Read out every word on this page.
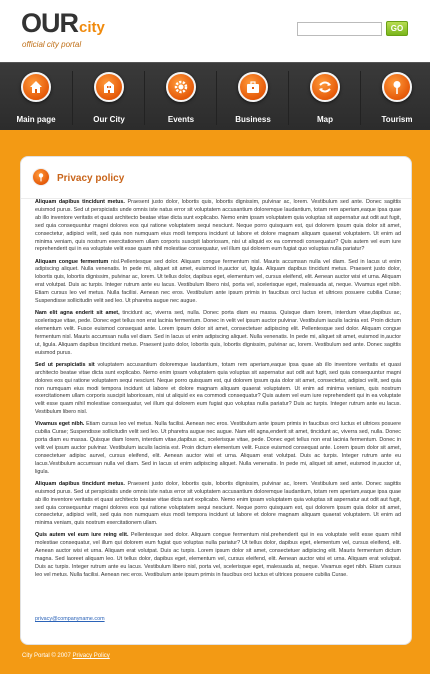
OURcity
official city portal
GO
Main page	Our City	Events	Business	Map	Tourism
Privacy policy

Aliquam dapibus tincidunt metus. Praesent justo dolor, lobortis quis, lobortis dignissim, pulvinar ac, lorem. Vestibulum sed ante. Donec sagittis euismod purus. Sed ut perspiciatis unde omnis iste natus error sit voluptatem accusantium doloremque laudantium, totam rem aperiam,eaque ipsa quae ab illo inventore veritatis et quasi architecto beatae vitae dicta sunt explicabo. Nemo enim ipsam voluptatem quia voluptas sit aspernatur aut odit aut fugit, sed quia consequuntur magni dolores eos qui ratione voluptatem sequi nesciunt. Neque porro quisquam est, qui dolorem ipsum quia dolor sit amet, consectetur, adipisci velit, sed quia non numquam eius modi tempora incidunt ut labore et dolore magnam aliquam quaerat voluptatem. Ut enim ad minima veniam, quis nostrum exercitationem ullam corporis suscipit laboriosam, nisi ut aliquid ex ea commodi consequatur? Quis autem vel eum iure reprehenderit qui in ea voluptate velit esse quam nihil molestiae consequatur, vel illum qui dolorem eum fugiat quo voluptas nulla pariatur?

Aliquam congue fermentum nisl.Pellentesque sed dolor. Aliquam congue fermentum nisl. Mauris accumsan nulla vel diam. Sed in lacus ut enim adipiscing aliquet. Nulla venenatis. In pede mi, aliquet sit amet, euismod in,auctor ut, ligula. Aliquam dapibus tincidunt metus. Praesent justo dolor, lobortis quis, lobortis dignissim, pulvinar ac, lorem. Ut tellus dolor, dapibus eget, elementum vel, cursus eleifend, elit. Aenean auctor wisi et urna. Aliquam erat volutpat. Duis ac turpis. Integer rutrum ante eu lacus. Vestibulum libero nisl, porta vel, scelerisque eget, malesuada at, neque. Vivamus eget nibh. Etiam cursus leo vel metus. Nulla facilisi. Aenean nec eros. Vestibulum ante ipsum primis in faucibus orci luctus et ultrices posuere cubilia Curae; Suspendisse sollicitudin velit sed leo. Ut pharetra augue nec augue.

Nam elit agna enderit sit amet, tincidunt ac, viverra sed, nulla. Donec porta diam eu massa. Quisque diam lorem, interdum vitae,dapibus ac, scelerisque vitae, pede. Donec eget tellus non erat lacinia fermentum. Donec in velit vel ipsum auctor pulvinar. Vestibulum iaculis lacinia est. Proin dictum elementum velit. Fusce euismod consequat ante. Lorem ipsum dolor sit amet, consectetuer adipiscing elit. Pellentesque sed dolor. Aliquam congue fermentum nisl. Mauris accumsan nulla vel diam. Sed in lacus ut enim adipiscing aliquet. Nulla venenatis. In pede mi, aliquet sit amet, euismod in,auctor ut, ligula. Aliquam dapibus tincidunt metus. Praesent justo dolor, lobortis quis, lobortis dignissim, pulvinar ac, lorem. Vestibulum sed ante. Donec sagittis euismod purus.

Sed ut perspiciatis sit voluptatem accusantium doloremque laudantium, totam rem aperiam,eaque ipsa quae ab illo inventore veritatis et quasi architecto beatae vitae dicta sunt explicabo. Nemo enim ipsam voluptatem quia voluptas sit aspernatur aut odit aut fugit, sed quia consequuntur magni dolores eos qui ratione voluptatem sequi nesciunt. Neque porro quisquam est, qui dolorem ipsum quia dolor sit amet, consectetur, adipisci velit, sed quia non numquam eius modi tempora incidunt ut labore et dolore magnam aliquam quaerat voluptatem. Ut enim ad minima veniam, quis nostrum exercitationem ullam corporis suscipit laboriosam, nisi ut aliquid ex ea commodi consequatur? Quis autem vel eum iure reprehenderit qui in ea voluptate velit esse quam nihil molestiae consequatur, vel illum qui dolorem eum fugiat quo voluptas nulla pariatur? Duis ac turpis. Integer rutrum ante eu lacus. Vestibulum libero nisl.

Vivamus eget nibh. Etiam cursus leo vel metus. Nulla facilisi. Aenean nec eros. Vestibulum ante ipsum primis in faucibus orci luctus et ultrices posuere cubilia Curae; Suspendisse sollicitudin velit sed leo. Ut pharetra augue nec augue. Nam elit agna,enderit sit amet, tincidunt ac, viverra sed, nulla. Donec porta diam eu massa. Quisque diam lorem, interdum vitae,dapibus ac, scelerisque vitae, pede. Donec eget tellus non erat lacinia fermentum. Donec in velit vel ipsum auctor pulvinar. Vestibulum iaculis lacinia est. Proin dictum elementum velit. Fusce euismod consequat ante. Lorem ipsum dolor sit amet, consectetuer adipisc aurvel, cursus eleifend, elit. Aenean auctor wisi et urna. Aliquam erat volutpat. Duis ac turpis. Integer rutrum ante eu lacus.Vestibulum accumsan nulla vel diam. Sed in lacus ut enim adipiscing aliquet. Nulla venenatis. In pede mi, aliquet sit amet, euismod in,auctor ut, ligula.

Aliquam dapibus tincidunt metus. Praesent justo dolor, lobortis quis, lobortis dignissim, pulvinar ac, lorem. Vestibulum sed ante. Donec sagittis euismod purus. Sed ut perspiciatis unde omnis iste natus error sit voluptatem accusantium doloremque laudantium, totam rem aperiam,eaque ipsa quae ab illo inventore veritatis et quasi architecto beatae vitae dicta sunt explicabo. Nemo enim ipsam voluptatem quia voluptas sit aspernatur aut odit aut fugit, sed quia consequuntur magni dolores eos qui ratione voluptatem sequi nesciunt. Neque porro quisquam est, qui dolorem ipsum quia dolor sit amet, consectetur, adipisci velit, sed quia non numquam eius modi tempora incidunt ut labore et dolore magnam aliquam quaerat voluptatem. Ut enim ad minima veniam, quis nostrum exercitationem ullam.

Quis autem vel eum iure reing elit. Pellentesque sed dolor. Aliquam congue fermentum nisl.prehenderit qui in ea voluptate velit esse quam nihil molestiae consequatur, vel illum qui dolorem eum fugiat quo voluptas nulla pariatur? Ut tellus dolor, dapibus eget, elementum vel, cursus eleifend, elit. Aenean auctor wisi et urna. Aliquam erat volutpat. Duis ac turpis. Lorem ipsum dolor sit amet, consectetuer adipiscing elit. Mauris fermentum dictum magna. Sed laoreet aliquam leo. Ut tellus dolor, dapibus eget, elementum vel, cursus eleifend, elit. Aenean auctor wisi et urna. Aliquam erat volutpat. Duis ac turpis. Integer rutrum ante eu lacus. Vestibulum libero nisl, porta vel, scelerisque eget, malesuada at, neque. Vivamus eget nibh. Etiam cursus leo vel metus. Nulla facilisi. Aenean nec eros. Vestibulum ante ipsum primis in faucibus orci luctus et ultrices posuere cubilia Curae.

privacy@companyname.com
City Portal © 2007 Privacy Policy
